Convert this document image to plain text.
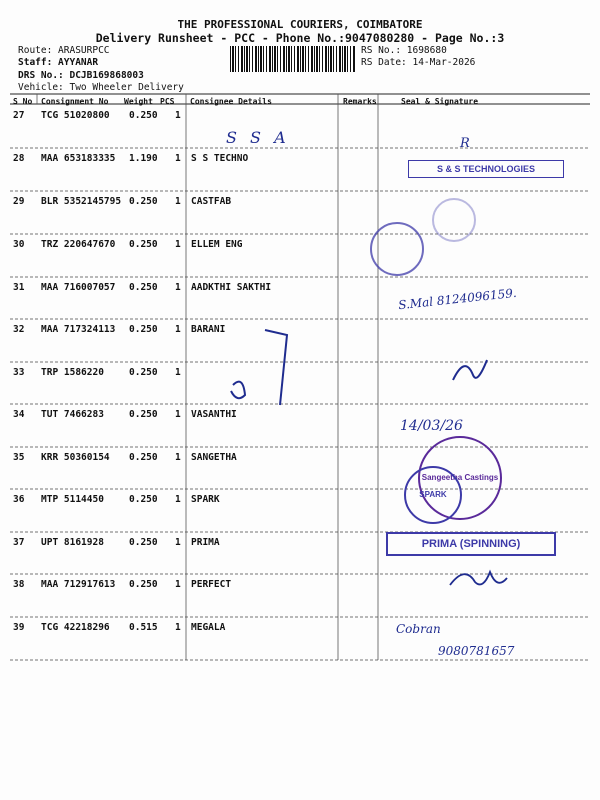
THE PROFESSIONAL COURIERS, COIMBATORE
Delivery Runsheet - PCC - Phone No.:9047080280 - Page No.:3
Route: ARASURPCC
Staff: AYYANAR
DRS No.: DCJB169868003
Vehicle: Two Wheeler Delivery
RS No.: 1698680
RS Date: 14-Mar-2026
S No Consignment No Weight PCS Consignee Details	Remarks	Seal & Signature
27 TCG 51020800 0.250 1
28 MAA 653183335 1.190 1 S S TECHNO
29 BLR 5352145795 0.250 1 CASTFAB
30 TRZ 220647670 0.250 1 ELLEM ENG
31 MAA 716007057 0.250 1 AADKTHI SAKTHI
32 MAA 717324113 0.250 1 BARANI
33 TRP 1586220	0.250 1
34 TUT 7466283	0.250 1 VASANTHI
35 KRR 50360154 0.250 1 SANGETHA
36 MTP 5114450	0.250 1 SPARK
37 UPT 8161928	0.250 1 PRIMA
38 MAA 712917613 0.250 1 PERFECT
39 TCG 42218296 0.515 1 MEGALA
S S A	R
S & S TECHNOLOGIES
S.Mal 8124096159.
14/03/26
Sangeetha Castings
SPARK
PRIMA (SPINNING)
Cobran
9080781657
